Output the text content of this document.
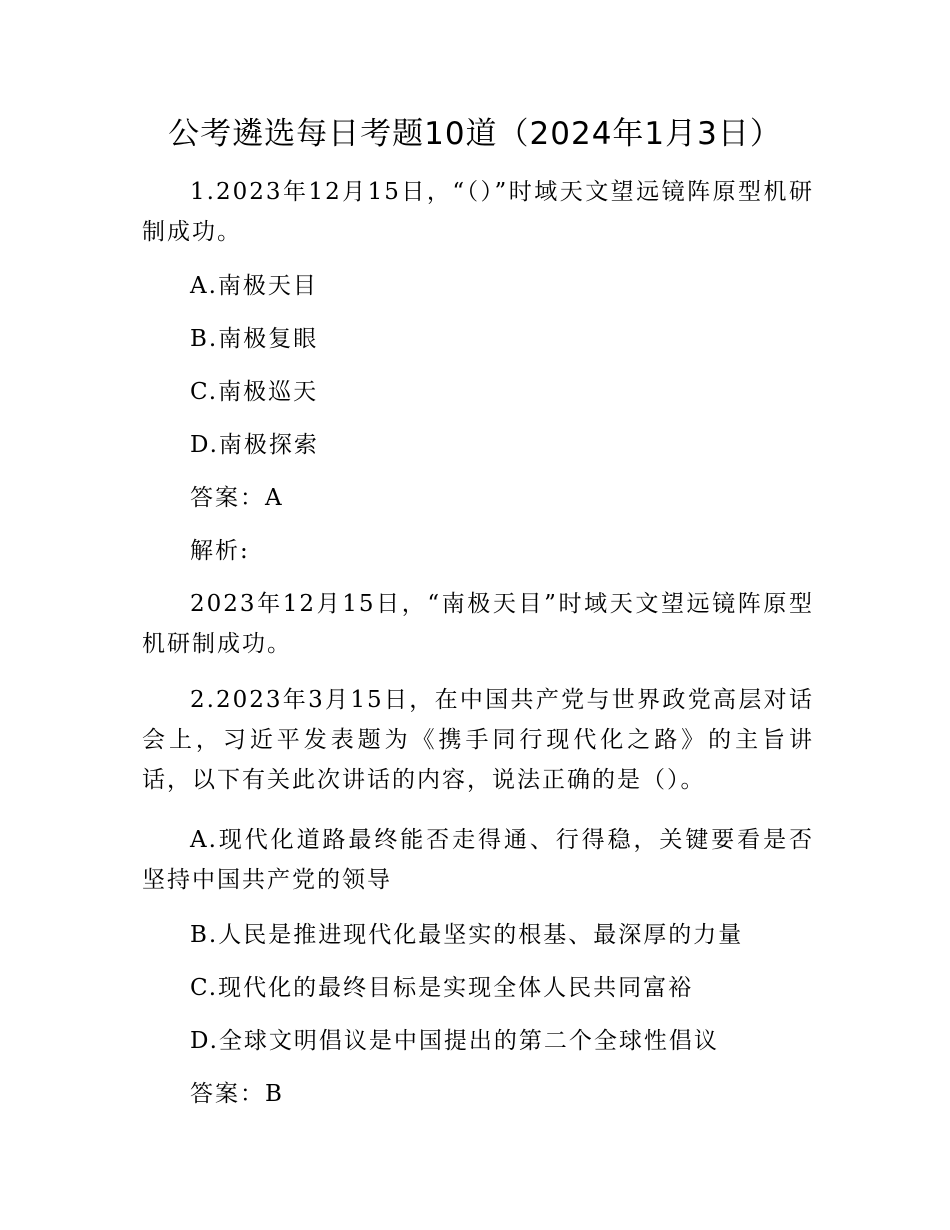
公考遴选每日考题10道（2024年1月3日）

1.2023年12月15日，“（）”时域天文望远镜阵原型机研制成功。

A.南极天目

B.南极复眼

C.南极巡天

D.南极探索

答案：A

解析:

2023年12月15日，“南极天目”时域天文望远镜阵原型机研制成功。

2.2023年3月15日，在中国共产党与世界政党高层对话会上，习近平发表题为《携手同行现代化之路》的主旨讲话，以下有关此次讲话的内容，说法正确的是（）。

A.现代化道路最终能否走得通、行得稳，关键要看是否坚持中国共产党的领导

B.人民是推进现代化最坚实的根基、最深厚的力量

C.现代化的最终目标是实现全体人民共同富裕

D.全球文明倡议是中国提出的第二个全球性倡议

答案：B
